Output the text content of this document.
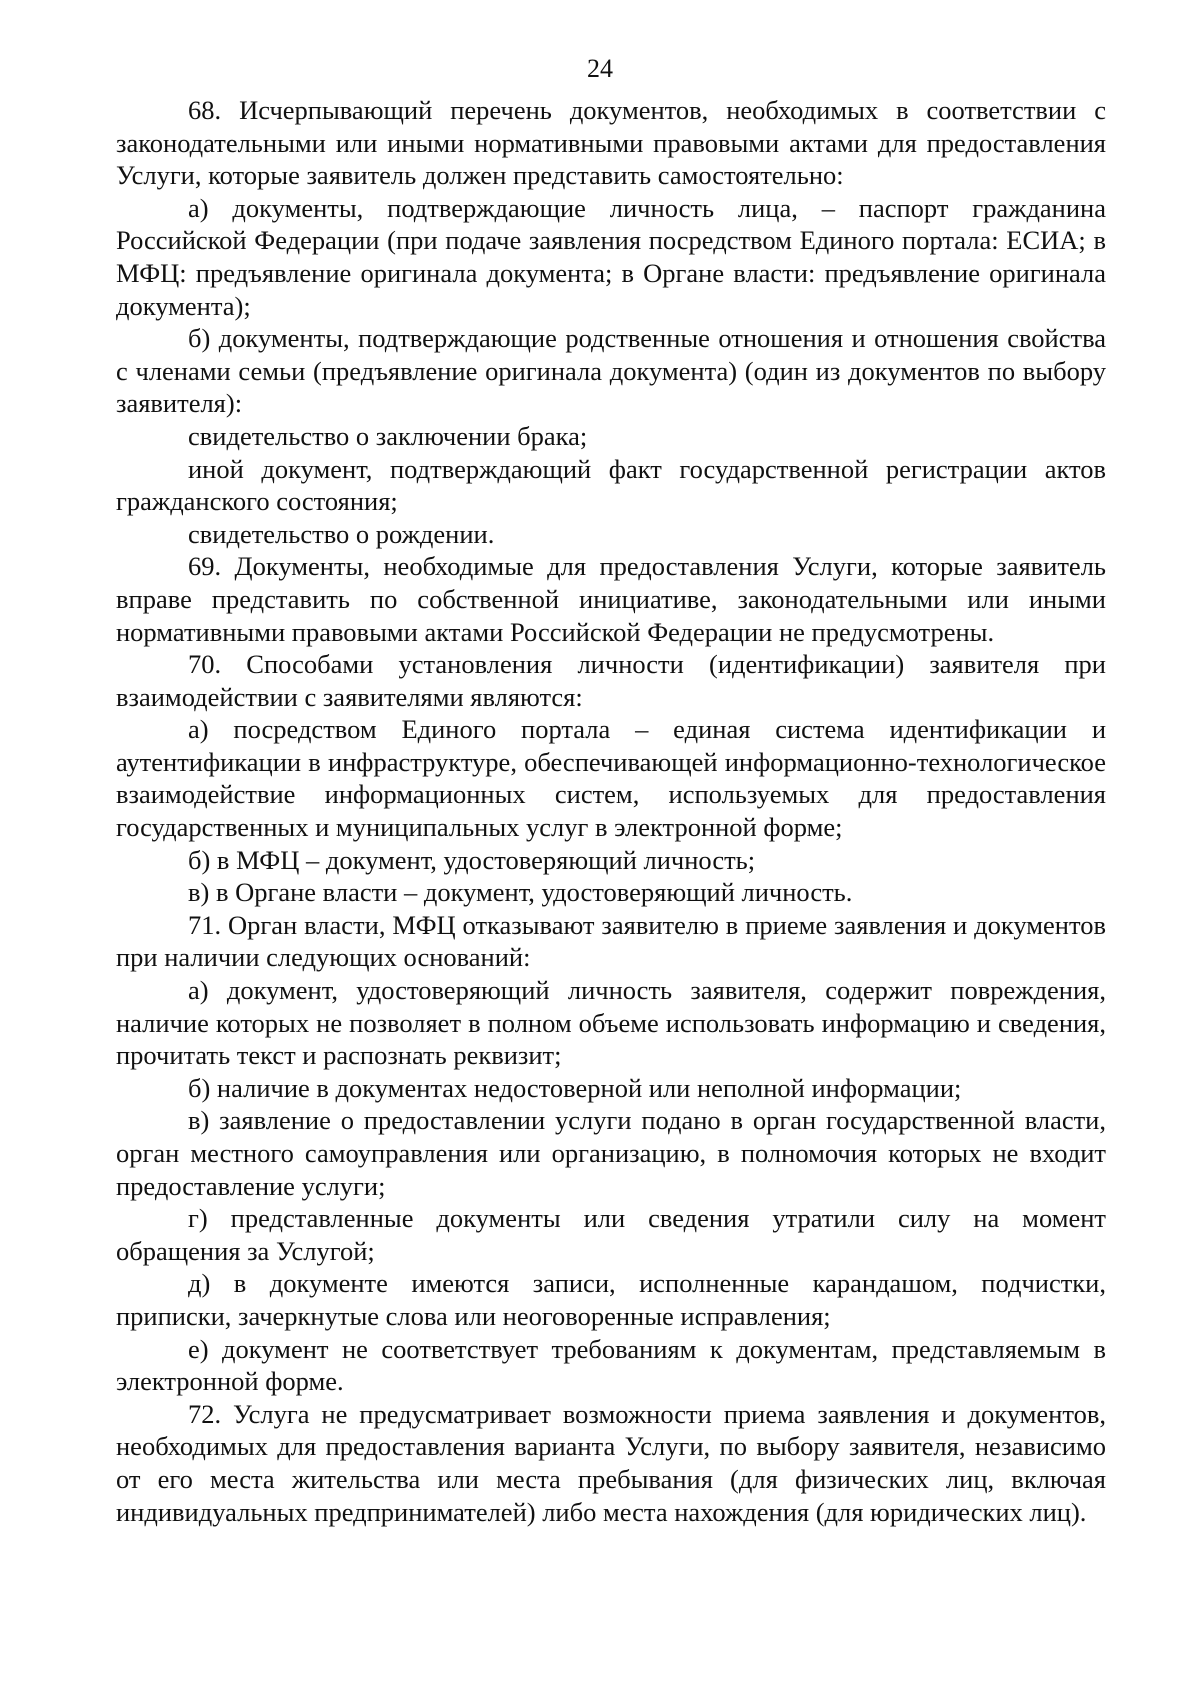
24

68. Исчерпывающий перечень документов, необходимых в соответствии с законодательными или иными нормативными правовыми актами для предоставления Услуги, которые заявитель должен представить самостоятельно:

а) документы, подтверждающие личность лица, – паспорт гражданина Российской Федерации (при подаче заявления посредством Единого портала: ЕСИА; в МФЦ: предъявление оригинала документа; в Органе власти: предъявление оригинала документа);

б) документы, подтверждающие родственные отношения и отношения свойства с членами семьи (предъявление оригинала документа) (один из документов по выбору заявителя):

свидетельство о заключении брака;

иной документ, подтверждающий факт государственной регистрации актов гражданского состояния;

свидетельство о рождении.

69. Документы, необходимые для предоставления Услуги, которые заявитель вправе представить по собственной инициативе, законодательными или иными нормативными правовыми актами Российской Федерации не предусмотрены.

70. Способами установления личности (идентификации) заявителя при взаимодействии с заявителями являются:

а) посредством Единого портала – единая система идентификации и аутентификации в инфраструктуре, обеспечивающей информационно-технологическое взаимодействие информационных систем, используемых для предоставления государственных и муниципальных услуг в электронной форме;

б) в МФЦ – документ, удостоверяющий личность;

в) в Органе власти – документ, удостоверяющий личность.

71. Орган власти, МФЦ отказывают заявителю в приеме заявления и документов при наличии следующих оснований:

а) документ, удостоверяющий личность заявителя, содержит повреждения, наличие которых не позволяет в полном объеме использовать информацию и сведения, прочитать текст и распознать реквизит;

б) наличие в документах недостоверной или неполной информации;

в) заявление о предоставлении услуги подано в орган государственной власти, орган местного самоуправления или организацию, в полномочия которых не входит предоставление услуги;

г) представленные документы или сведения утратили силу на момент обращения за Услугой;

д) в документе имеются записи, исполненные карандашом, подчистки, приписки, зачеркнутые слова или неоговоренные исправления;

е) документ не соответствует требованиям к документам, представляемым в электронной форме.

72. Услуга не предусматривает возможности приема заявления и документов, необходимых для предоставления варианта Услуги, по выбору заявителя, независимо от его места жительства или места пребывания (для физических лиц, включая индивидуальных предпринимателей) либо места нахождения (для юридических лиц).
